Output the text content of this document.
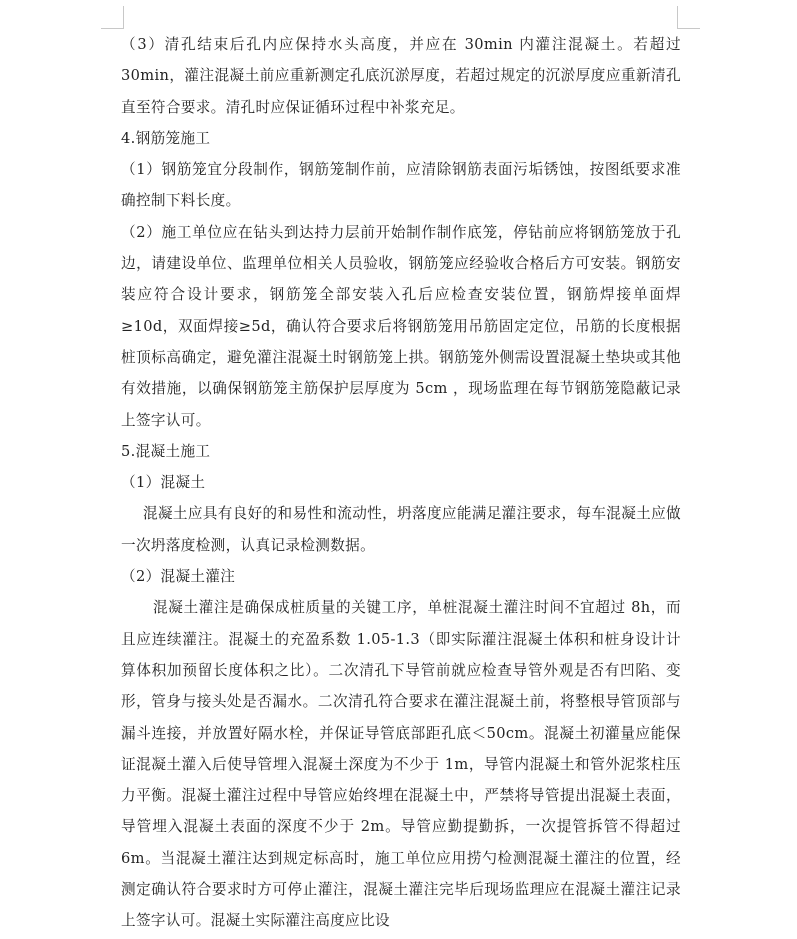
（3）清孔结束后孔内应保持水头高度，并应在 30min 内灌注混凝土。若超过30min，灌注混凝土前应重新测定孔底沉淤厚度，若超过规定的沉淤厚度应重新清孔直至符合要求。清孔时应保证循环过程中补浆充足。

4.钢筋笼施工

（1）钢筋笼宜分段制作，钢筋笼制作前，应清除钢筋表面污垢锈蚀，按图纸要求准确控制下料长度。

（2）施工单位应在钻头到达持力层前开始制作制作底笼，停钻前应将钢筋笼放于孔边，请建设单位、监理单位相关人员验收，钢筋笼应经验收合格后方可安装。钢筋安装应符合设计要求，钢筋笼全部安装入孔后应检查安装位置，钢筋焊接单面焊≥10d，双面焊接≥5d，确认符合要求后将钢筋笼用吊筋固定定位，吊筋的长度根据桩顶标高确定，避免灌注混凝土时钢筋笼上拱。钢筋笼外侧需设置混凝土垫块或其他有效措施，以确保钢筋笼主筋保护层厚度为 5cm ，现场监理在每节钢筋笼隐蔽记录上签字认可。

5.混凝土施工

（1）混凝土

混凝土应具有良好的和易性和流动性，坍落度应能满足灌注要求，每车混凝土应做一次坍落度检测，认真记录检测数据。

（2）混凝土灌注

混凝土灌注是确保成桩质量的关键工序，单桩混凝土灌注时间不宜超过 8h，而且应连续灌注。混凝土的充盈系数 1.05-1.3（即实际灌注混凝土体积和桩身设计计算体积加预留长度体积之比）。二次清孔下导管前就应检查导管外观是否有凹陷、变形，管身与接头处是否漏水。二次清孔符合要求在灌注混凝土前，将整根导管顶部与漏斗连接，并放置好隔水栓，并保证导管底部距孔底＜50cm。混凝土初灌量应能保证混凝土灌入后使导管埋入混凝土深度为不少于 1m，导管内混凝土和管外泥浆柱压力平衡。混凝土灌注过程中导管应始终埋在混凝土中，严禁将导管提出混凝土表面，导管埋入混凝土表面的深度不少于 2m。导管应勤提勤拆，一次提管拆管不得超过 6m。当混凝土灌注达到规定标高时，施工单位应用捞勺检测混凝土灌注的位置，经测定确认符合要求时方可停止灌注，混凝土灌注完毕后现场监理应在混凝土灌注记录上签字认可。混凝土实际灌注高度应比设
